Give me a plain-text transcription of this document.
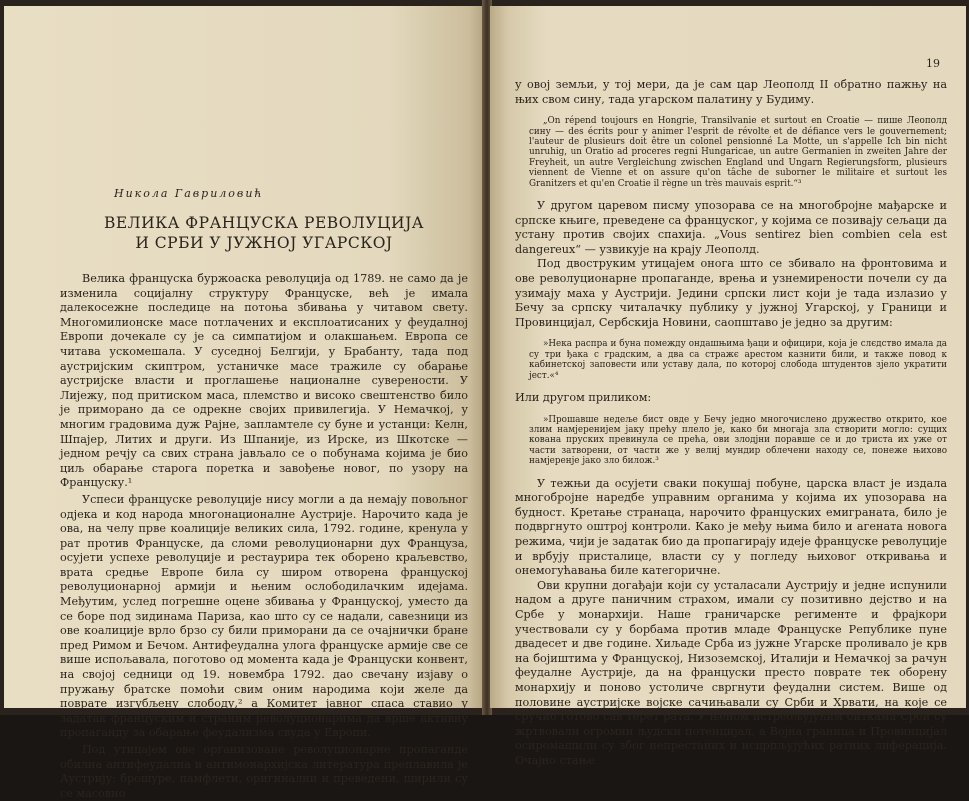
Никола Гавриловић
ВЕЛИКА ФРАНЦУСКА РЕВОЛУЦИЈА
И СРБИ У ЈУЖНОЈ УГАРСКОЈ

Велика француска буржоаска револуција од 1789. не само да је изменила социјалну структуру Француске, већ је имала далекосежне последице на потоња збивања у читавом свету. Многомилионске масе потлачених и експлоатисаних у феудалној Европи дочекале су је са симпатијом и олакшањем. Европа се читава ускомешала. У суседној Белгији, у Брабанту, тада под аустријским скиптром, устаничке масе тражиле су обарање аустријске власти и проглашење националне суверености. У Лијежу, под притиском маса, племство и високо свештенство било је приморано да се одрекне својих привилегија. У Немачкој, у многим градовима дуж Рајне, запламтеле су буне и устанци: Келн, Шпајер, Литих и други. Из Шпаније, из Ирске, из Шкотске — једном речју са свих страна јављало се о побунама којима је био циљ обарање старога поретка и завођење новог, по узору на Француску.¹

Успеси француске револуције нису могли а да немају повољног одјека и код народа многонационалне Аустрије. Нарочито када је ова, на челу прве коалиције великих сила, 1792. године, кренула у рат против Француске, да сломи револуционарни дух Француза, осујети успехе револуције и рестаурира тек оборено краљевство, врата средње Европе била су широм отворена француској револуционарној армији и њеним ослободилачким идејама. Међутим, услед погрешне оцене збивања у Француској, уместо да се боре под зидинама Париза, као што су се надали, савезници из ове коалиције врло брзо су били приморани да се очајнички бране пред Римом и Бечом. Антифеудална улога француске армије све се више испољавала, поготово од момента када је Француски конвент, на својој седници од 19. новембра 1792. дао свечану изјаву о пружању братске помоћи свим оним народима који желе да поврате изгубљену слободу,² а Комитет јавног спаса ставио у задатак француским и страним револуционарима да врше активну пропаганду за обарање феудализма свуда у Европи.

Под утицајем ове организоване револуционарне пропаганде обилна антифеудална и антимонархијска литература преплавила је Аустрију: брошуре, памфлети, оригинални и преведени, ширили су се масовно

19

у овој земљи, у тој мери, да је сам цар Леополд II обратно пажњу на њих свом сину, тада угарском палатину у Будиму.

„On répend toujours en Hongrie, Transilvanie et surtout en Croatie — пише Леополд сину — des écrits pour y animer l'esprit de révolte et de défiance vers le gouvernement; l'auteur de plusieurs doit être un colonel pensionné La Motte, un s'appelle Ich bin nicht unruhig, un Oratio ad proceres regni Hungaricae, un autre Germanien in zweiten Jahre der Freyheit, un autre Vergleichung zwischen England und Ungarn Regierungsform, plusieurs viennent de Vienne et on assure qu'on tâche de suborner le militaire et surtout les Granitzers et qu'en Croatie il règne un très mauvais esprit.“³

У другом царевом писму упозорава се на многобројне мађарске и српске књиге, преведене са француског, у којима се позивају сељаци да устану против својих спахија. „Vous sentirez bien combien cela est dangereux“ — узвикује на крају Леополд.

Под двоструким утицајем онога што се збивало на фронтовима и ове револуционарне пропаганде, врења и узнемирености почели су да узимају маха у Аустрији. Једини српски лист који је тада излазио у Бечу за српску читалачку публику у јужној Угарској, у Граници и Провинцијал, Сербскија Новини, саопштаво је једно за другим:

»Нека распра и буна помежду ондашњима ђаци и официри, која је слєдство имала да су три ђака с градским, а два са стражє арестом казнити били, и также повод к кабинетској заповести или уставу дала, по которој слобода штудентов зјело укратити јест.«⁴

Или другом приликом:

»Прошавше недеље бист овде у Бечу једно многочислено дружество открито, кое злим намјеренијем јаку прећу плело је, како би многаја зла створити могло: сущих кована пруских превинула се прећа, ови злодјни поравше се и до триста их уже от части затворени, от части же у велиј мундир облечени находу се, понеже њихово намјеренје јако зло билож.³

У тежњи да осујети сваки покушај побуне, царска власт је издала многобројне наредбе управним органима у којима их упозорава на будност. Кретање странаца, нарочито француских емиграната, било је подвргнуто оштрој контроли. Како је међу њима било и агената новога режима, чији је задатак био да пропагирају идеје француске револуције и врбују присталице, власти су у погледу њиховог откривања и онемогућавања биле категоричне.

Ови крупни догађаји који су усталасали Аустрију и једне испунили надом а друге паничним страхом, имали су позитивно дејство и на Србе у монархији. Наше граничарске регименте и фрајкори учествовали су у борбама против младе Француске Републике пуне двадесет и две године. Хиљаде Срба из јужне Угарске проливало је крв на бојиштима у Француској, Низоземској, Италији и Немачкој за рачун феудалне Аустрије, да на француски престо поврате тек оборену монархију и поново устоличе свргнути феудални систем. Више од половине аустријске војске сачињавали су Срби и Хрвати, на које се сручио готово сав терет рата. У њеном истребљујућим биткама Срби су жртвовали огромни људски потенцијал, а Војна граница и Провинцијал осиромашили су због непрестаних и исцрпљујућих ратних лиферација. Очајно стање
